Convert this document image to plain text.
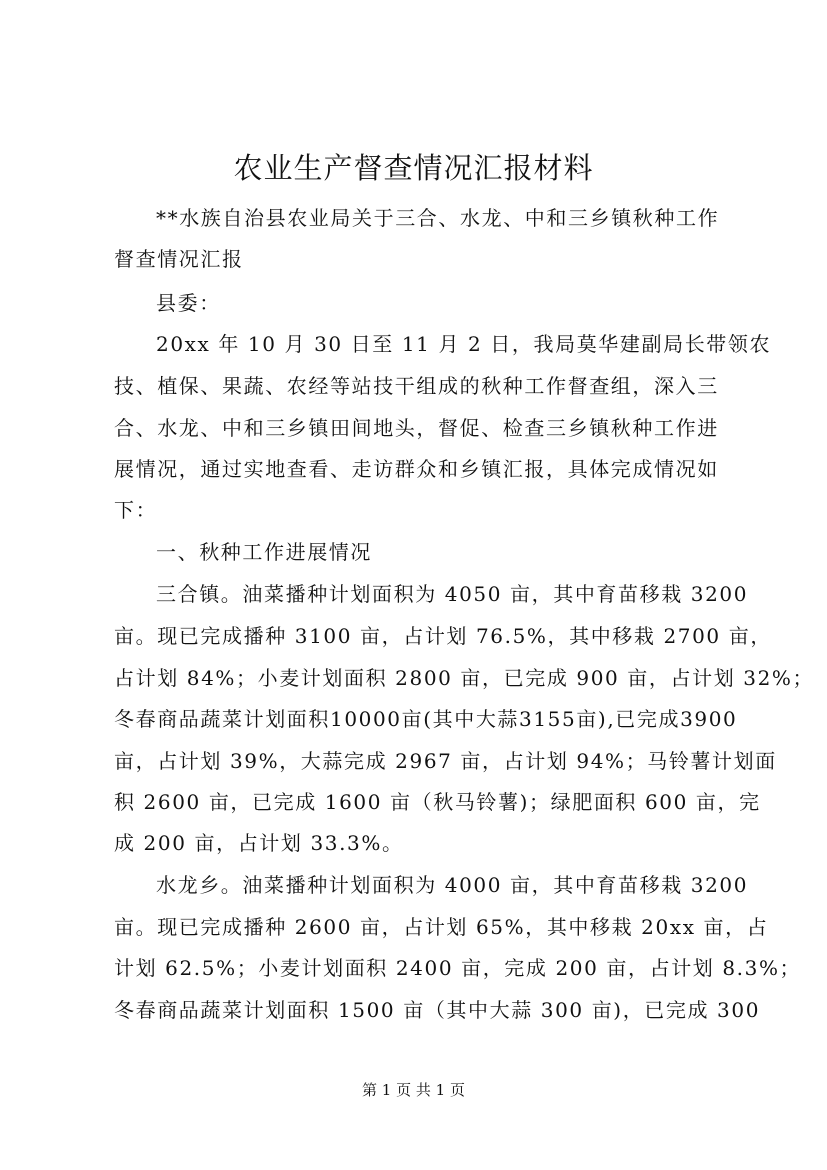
农业生产督查情况汇报材料
**水族自治县农业局关于三合、水龙、中和三乡镇秋种工作
督查情况汇报
县委：
20xx 年 10 月 30 日至 11 月 2 日，我局莫华建副局长带领农
技、植保、果蔬、农经等站技干组成的秋种工作督查组，深入三
合、水龙、中和三乡镇田间地头，督促、检查三乡镇秋种工作进
展情况，通过实地查看、走访群众和乡镇汇报，具体完成情况如
下：
一、秋种工作进展情况
三合镇。油菜播种计划面积为 4050 亩，其中育苗移栽 3200
亩。现已完成播种 3100 亩，占计划 76.5%，其中移栽 2700 亩，
占计划 84%；小麦计划面积 2800 亩，已完成 900 亩，占计划 32%；
冬春商品蔬菜计划面积10000亩(其中大蒜3155亩),已完成3900
亩，占计划 39%，大蒜完成 2967 亩，占计划 94%；马铃薯计划面
积 2600 亩，已完成 1600 亩（秋马铃薯)；绿肥面积 600 亩，完
成 200 亩，占计划 33.3%。
水龙乡。油菜播种计划面积为 4000 亩，其中育苗移栽 3200
亩。现已完成播种 2600 亩，占计划 65%，其中移栽 20xx 亩，占
计划 62.5%；小麦计划面积 2400 亩，完成 200 亩，占计划 8.3%；
冬春商品蔬菜计划面积 1500 亩（其中大蒜 300 亩)，已完成 300
第 1 页 共 1 页
